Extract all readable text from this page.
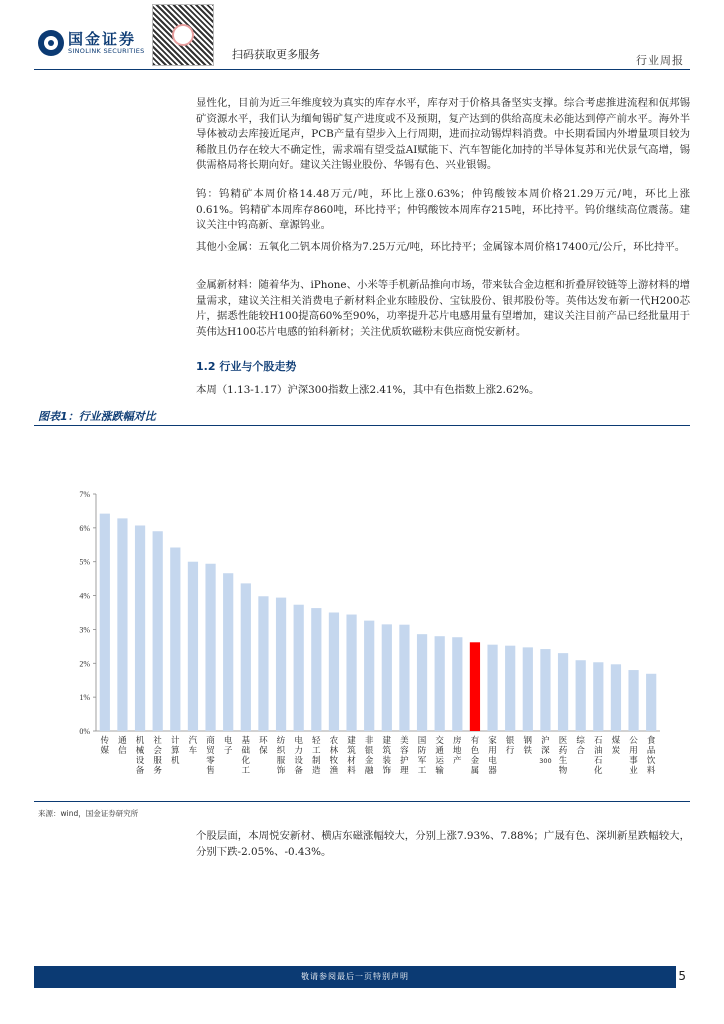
国金证券
SINOLINK SECURITIES	扫码获取更多服务	行业周报

显性化，目前为近三年维度较为真实的库存水平，库存对于价格具备坚实支撑。综合考虑推进流程和佤邦锡矿资源水平，我们认为缅甸锡矿复产进度或不及预期，复产达到的供给高度未必能达到停产前水平。海外半导体被动去库接近尾声，PCB产量有望步入上行周期，进而拉动锡焊料消费。中长期看国内外增量项目较为稀散且仍存在较大不确定性，需求端有望受益AI赋能下、汽车智能化加持的半导体复苏和光伏景气高增，锡供需格局将长期向好。建议关注锡业股份、华锡有色、兴业银锡。

钨：钨精矿本周价格14.48万元/吨，环比上涨0.63%；仲钨酸铵本周价格21.29万元/吨，环比上涨0.61%。钨精矿本周库存860吨，环比持平；仲钨酸铵本周库存215吨，环比持平。钨价继续高位震荡。建议关注中钨高新、章源钨业。

其他小金属：五氧化二钒本周价格为7.25万元/吨，环比持平；金属镓本周价格17400元/公斤，环比持平。

金属新材料：随着华为、iPhone、小米等手机新品推向市场，带来钛合金边框和折叠屏铰链等上游材料的增量需求，建议关注相关消费电子新材料企业东睦股份、宝钛股份、银邦股份等。英伟达发布新一代H200芯片，据悉性能较H100提高60%至90%，功率提升芯片电感用量有望增加，建议关注目前产品已经批量用于英伟达H100芯片电感的铂科新材；关注优质软磁粉末供应商悦安新材。

1.2 行业与个股走势

本周（1.13-1.17）沪深300指数上涨2.41%，其中有色指数上涨2.62%。

图表1：行业涨跌幅对比
0%
1%
2%
3%
4%
5%
6%
7%
传媒
通信
机械设备
社会服务
计算机
汽车
商贸零售
电子
基础化工
环保
纺织服饰
电力设备
轻工制造
农林牧渔
建筑材料
非银金融
建筑装饰
美容护理
国防军工
交通运输
房地产
有色金属
家用电器
银行
钢铁
沪深 300
医药生物
综合
石油石化
煤炭
公用事业
食品饮料
来源：wind，国金证券研究所

个股层面，本周悦安新材、横店东磁涨幅较大，分别上涨7.93%、7.88%；广晟有色、深圳新星跌幅较大，分别下跌-2.05%、-0.43%。

敬请参阅最后一页特别声明	5
